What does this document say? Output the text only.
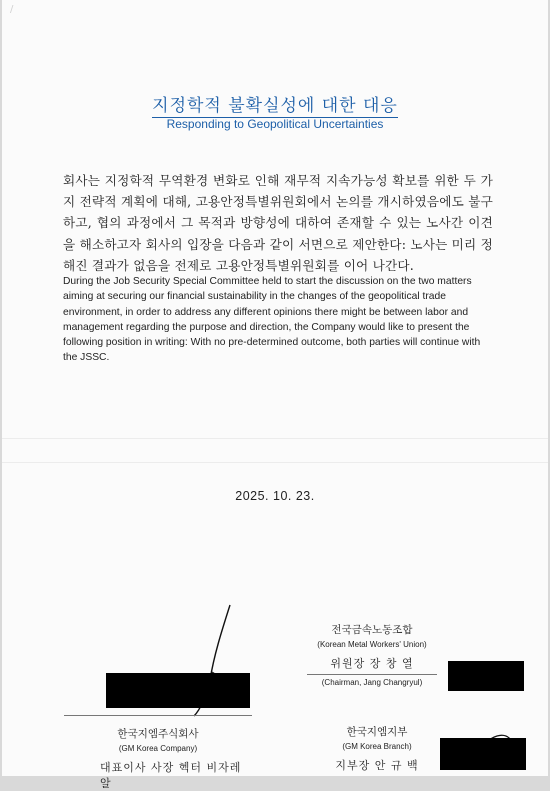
/
지정학적 불확실성에 대한 대응
Responding to Geopolitical Uncertainties
회사는 지정학적 무역환경 변화로 인해 재무적 지속가능성 확보를 위한 두 가지 전략적 계획에 대해, 고용안정특별위원회에서 논의를 개시하였음에도 불구하고, 협의 과정에서 그 목적과 방향성에 대하여 존재할 수 있는 노사간 이견을 해소하고자 회사의 입장을 다음과 같이 서면으로 제안한다: 노사는 미리 정해진 결과가 없음을 전제로 고용안정특별위원회를 이어 나간다.
During the Job Security Special Committee held to start the discussion on the two matters aiming at securing our financial sustainability in the changes of the geopolitical trade environment, in order to address any different opinions there might be between labor and management regarding the purpose and direction, the Company would like to present the following position in writing: With no pre-determined outcome, both parties will continue with the JSSC.
2025. 10. 23.
전국금속노동조합
(Korean Metal Workers' Union)
위원장 장 창 열
(Chairman, Jang Changryul)
한국지엠주식회사
(GM Korea Company)
대표이사 사장 헥터 비자레알
한국지엠지부
(GM Korea Branch)
지부장 안 규 백
